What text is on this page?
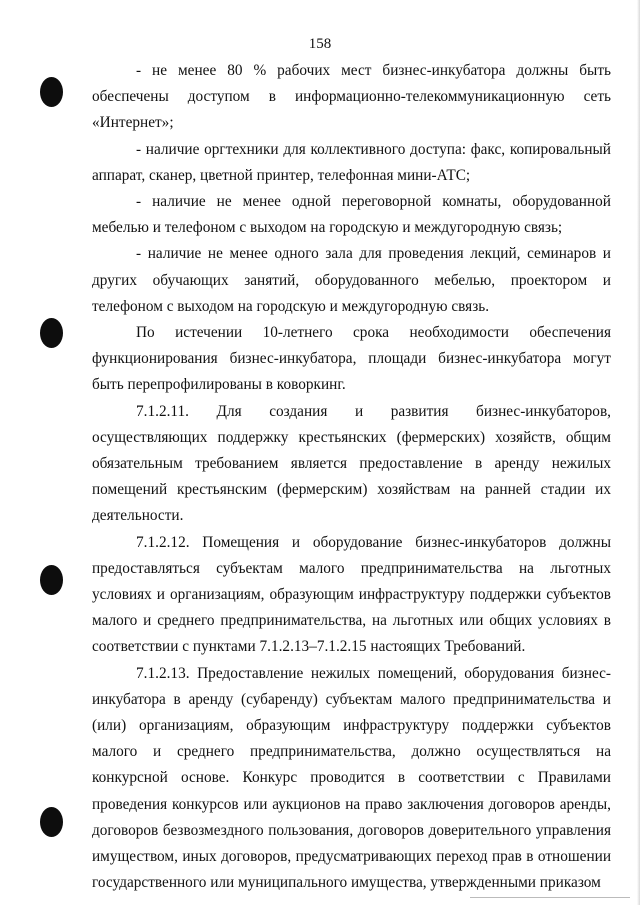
158

- не менее 80 % рабочих мест бизнес-инкубатора должны быть обеспечены доступом в информационно-телекоммуникационную сеть «Интернет»;

- наличие оргтехники для коллективного доступа: факс, копировальный аппарат, сканер, цветной принтер, телефонная мини-АТС;

- наличие не менее одной переговорной комнаты, оборудованной мебелью и телефоном с выходом на городскую и междугородную связь;

- наличие не менее одного зала для проведения лекций, семинаров и других обучающих занятий, оборудованного мебелью, проектором и телефоном с выходом на городскую и междугородную связь.

По истечении 10-летнего срока необходимости обеспечения функционирования бизнес-инкубатора, площади бизнес-инкубатора могут быть перепрофилированы в коворкинг.

7.1.2.11. Для создания и развития бизнес-инкубаторов, осуществляющих поддержку крестьянских (фермерских) хозяйств, общим обязательным требованием является предоставление в аренду нежилых помещений крестьянским (фермерским) хозяйствам на ранней стадии их деятельности.

7.1.2.12. Помещения и оборудование бизнес-инкубаторов должны предоставляться субъектам малого предпринимательства на льготных условиях и организациям, образующим инфраструктуру поддержки субъектов малого и среднего предпринимательства, на льготных или общих условиях в соответствии с пунктами 7.1.2.13–7.1.2.15 настоящих Требований.

7.1.2.13. Предоставление нежилых помещений, оборудования бизнес-инкубатора в аренду (субаренду) субъектам малого предпринимательства и (или) организациям, образующим инфраструктуру поддержки субъектов малого и среднего предпринимательства, должно осуществляться на конкурсной основе. Конкурс проводится в соответствии с Правилами проведения конкурсов или аукционов на право заключения договоров аренды, договоров безвозмездного пользования, договоров доверительного управления имуществом, иных договоров, предусматривающих переход прав в отношении государственного или муниципального имущества, утвержденными приказом
